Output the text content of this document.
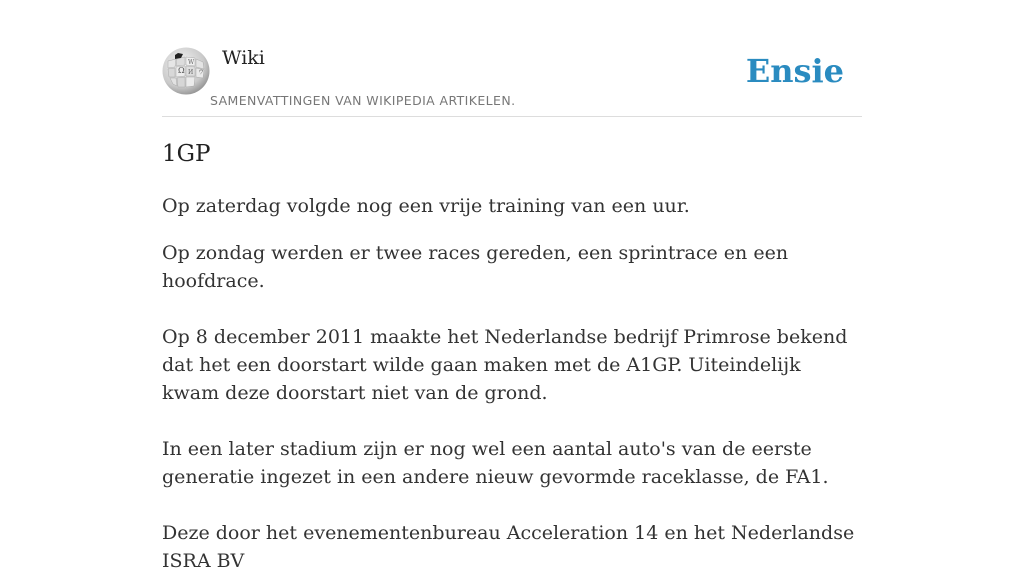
Ω
W
И ウ
Wiki
SAMENVATTINGEN VAN WIKIPEDIA ARTIKELEN.
Ensie
1GP

Op zaterdag volgde nog een vrije training van een uur.

Op zondag werden er twee races gereden, een sprintrace en een hoofdrace.

Op 8 december 2011 maakte het Nederlandse bedrijf Primrose bekend dat het een doorstart wilde gaan maken met de A1GP. Uiteindelijk kwam deze doorstart niet van de grond.

In een later stadium zijn er nog wel een aantal auto's van de eerste generatie ingezet in een andere nieuw gevormde raceklasse, de FA1.

Deze door het evenementenbureau Acceleration 14 en het Nederlandse ISRA BV
